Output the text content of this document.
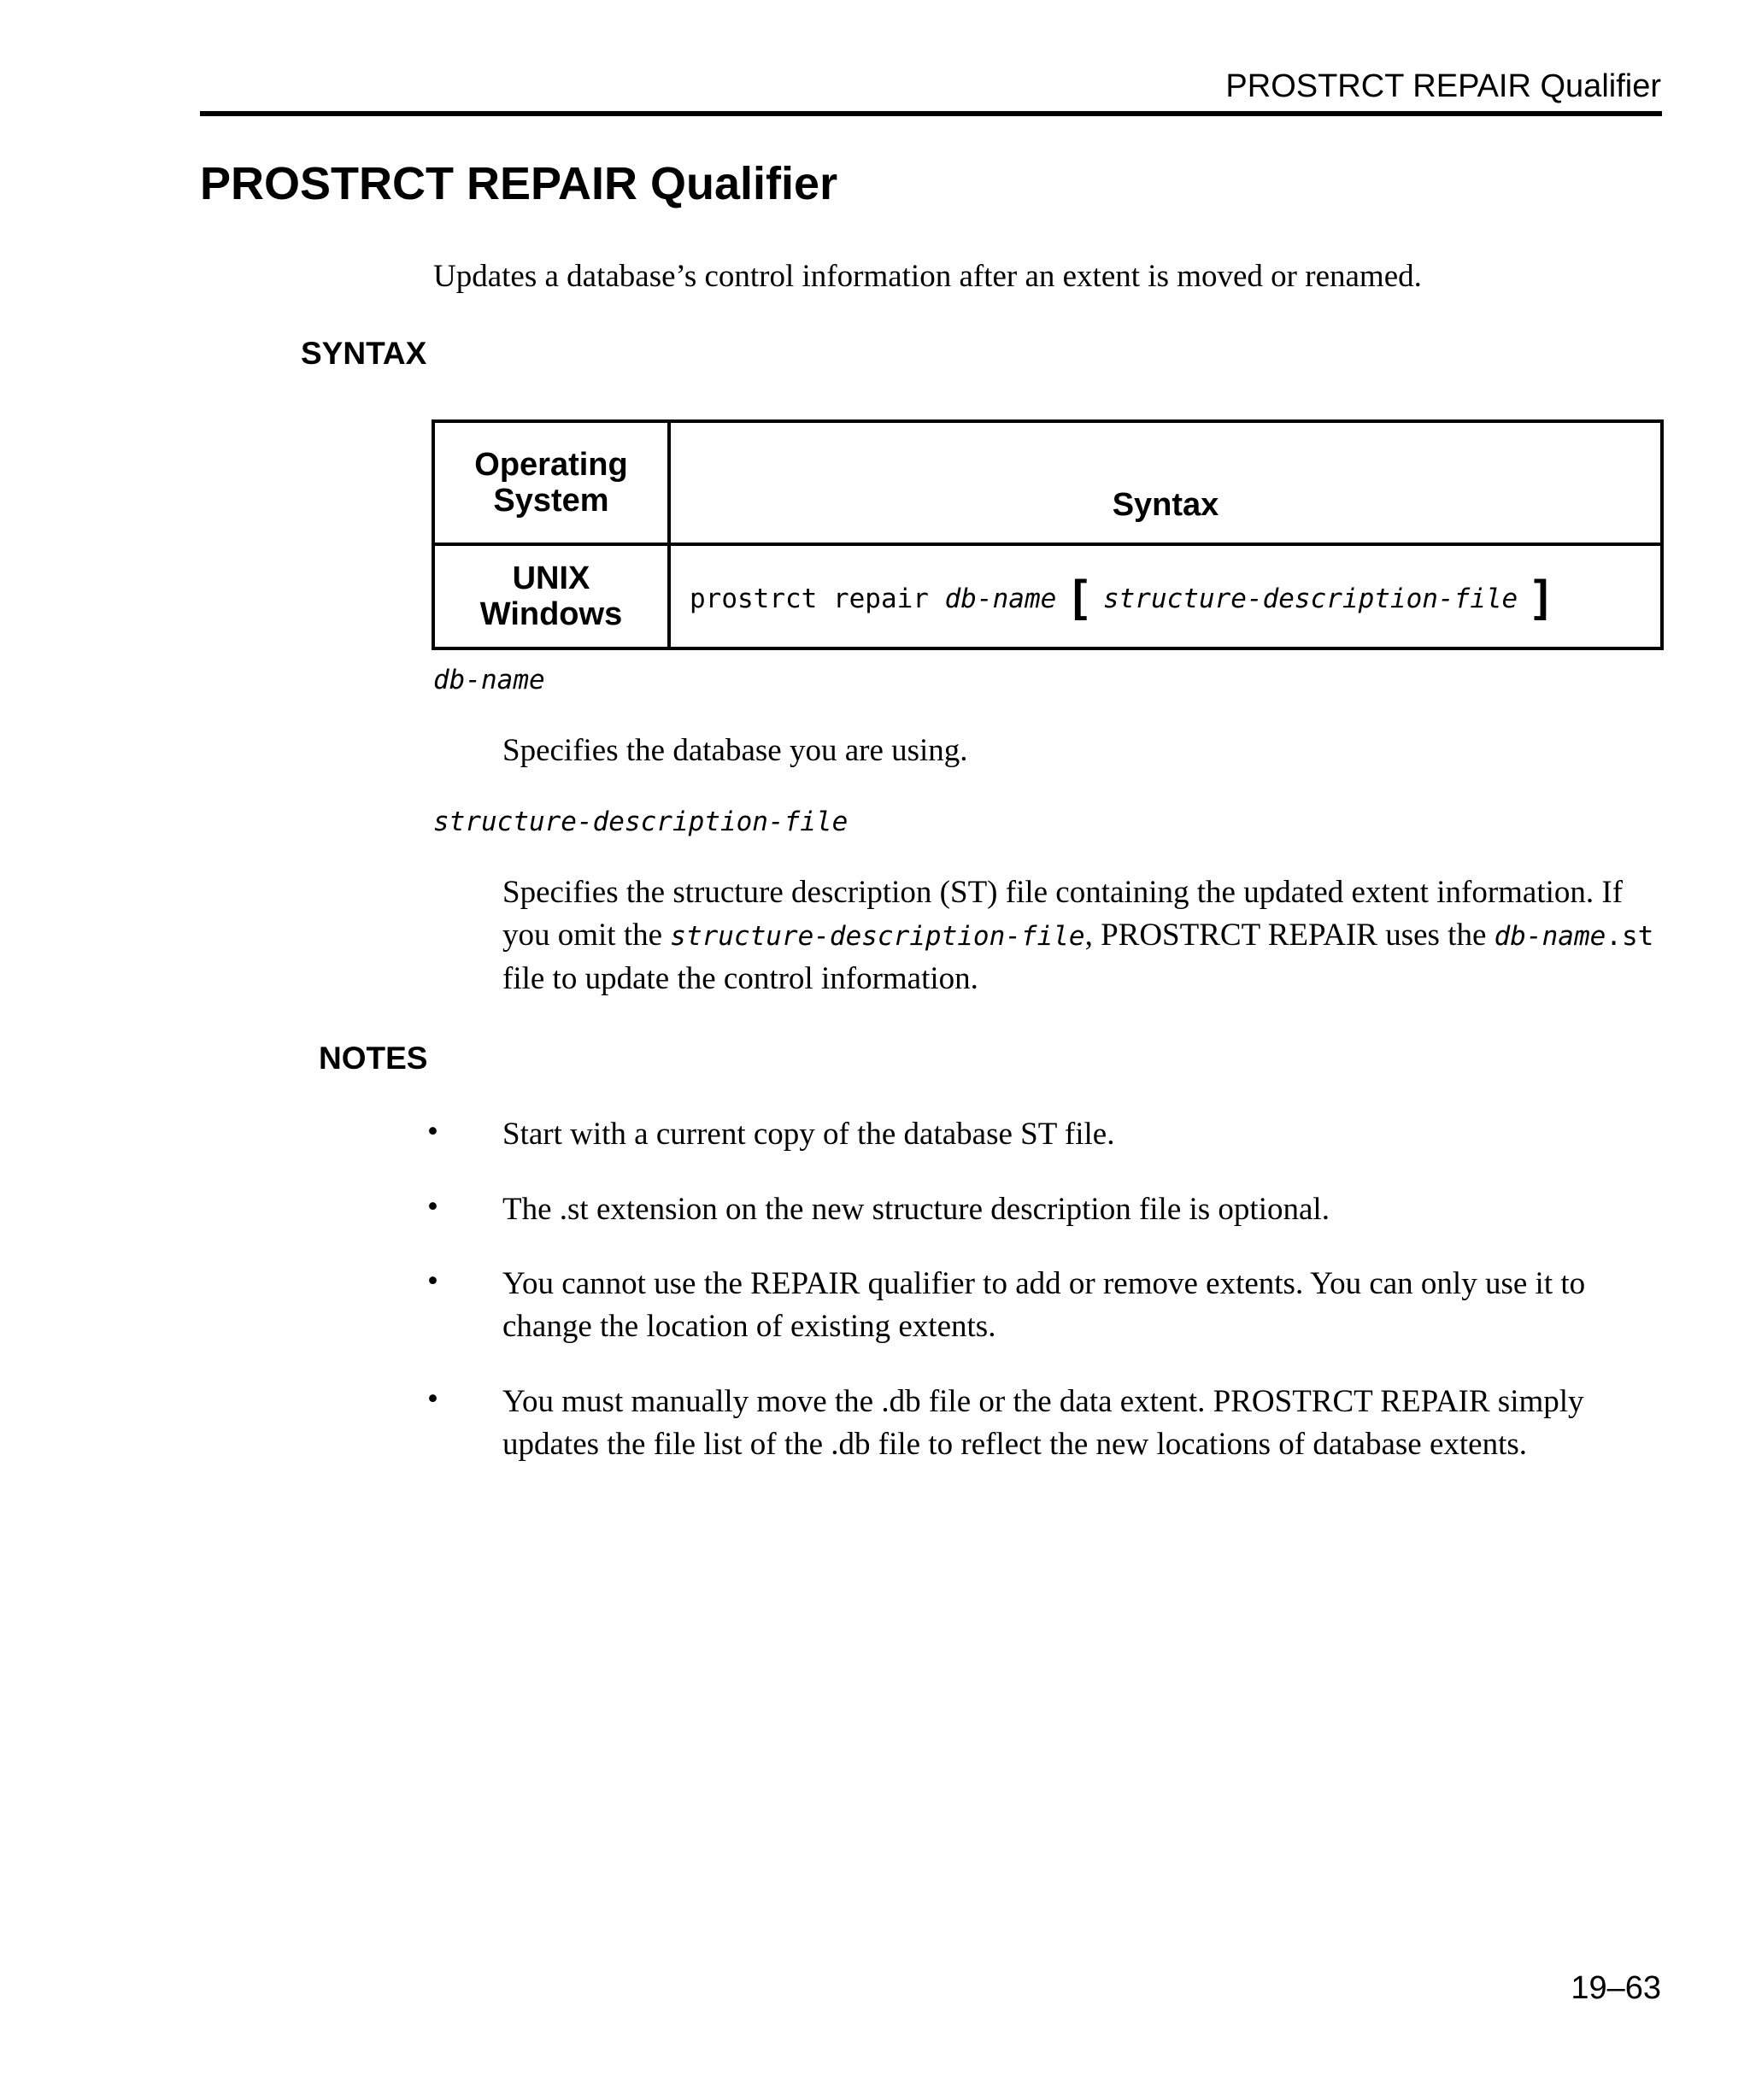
PROSTRCT REPAIR Qualifier
PROSTRCT REPAIR Qualifier
Updates a database’s control information after an extent is moved or renamed.
SYNTAX
Operating
System	Syntax
UNIX
Windows	prostrct repair db-name [ structure-description-file ]
db-name

Specifies the database you are using.

structure-description-file

Specifies the structure description (ST) file containing the updated extent information. If you omit the structure-description-file, PROSTRCT REPAIR uses the db-name.st file to update the control information.

NOTES
• Start with a current copy of the database ST file.

• The .st extension on the new structure description file is optional.

• You cannot use the REPAIR qualifier to add or remove extents. You can only use it to change the location of existing extents.

• You must manually move the .db file or the data extent. PROSTRCT REPAIR simply updates the file list of the .db file to reflect the new locations of database extents.

19–63
